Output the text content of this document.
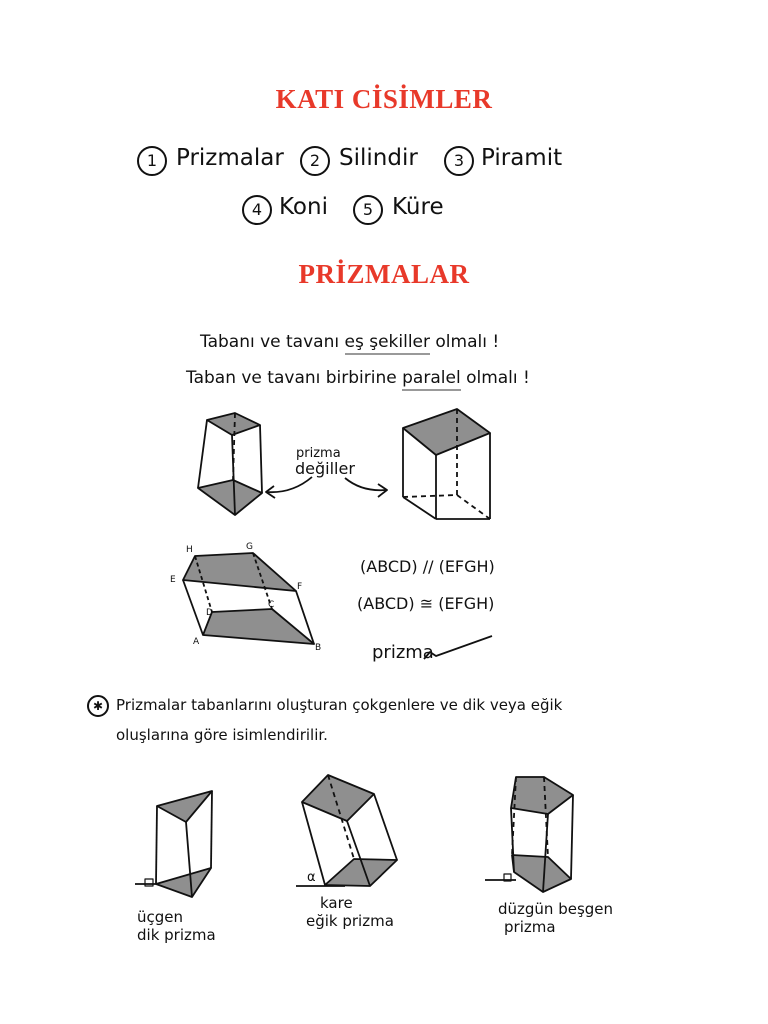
KATI CİSİMLER
1 Prizmalar	2 Silindir	3 Piramit
4 Koni	5 Küre
PRİZMALAR
Tabanı ve tavanı eş şekiller olmalı !
Taban ve tavanı birbirine paralel olmalı !
prizma
değiller
H	G
E
F
D
C
A
B
(ABCD) // (EFGH)
(ABCD) ≅ (EFGH)
prizma
✱ Prizmalar tabanlarını oluşturan çokgenlere ve dik veya eğik
oluşlarına göre isimlendirilir.
üçgen
dik prizma
α
kare
eğik prizma
düzgün beşgen
prizma
